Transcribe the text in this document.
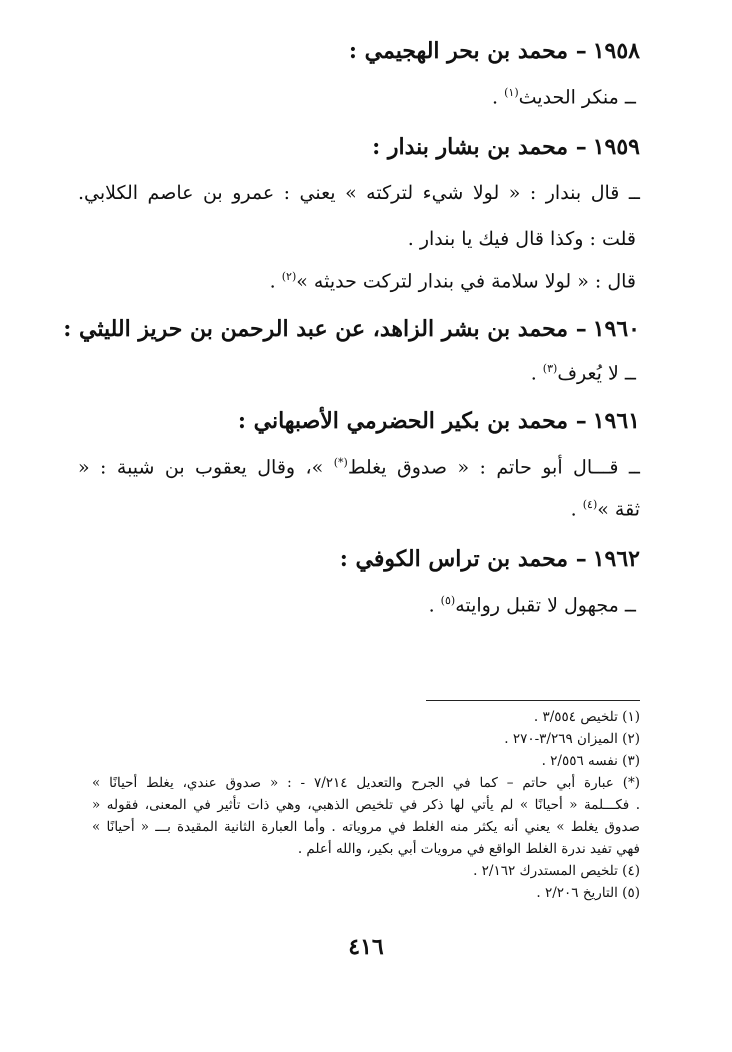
١٩٥٨– محمد بن بحر الهجيمي :
ــ منكر الحديث$^{(١)}$ .
١٩٥٩– محمد بن بشار بندار :
ــ قال بندار : « لولا شيء لتركته » يعني : عمرو بن عاصم الكلابي.
قلت : وكذا قال فيك يا بندار .
قال : « لولا سلامة في بندار لتركت حديثه »$^{(٢)}$ .
١٩٦٠– محمد بن بشر الزاهد، عن عبد الرحمن بن حريز الليثي :
ــ لا يُعرف$^{(٣)}$ .
١٩٦١– محمد بن بكير الحضرمي الأصبهاني :
ــ قـــال أبو حاتم : « صدوق يغلط(*) »، وقال يعقوب بن شيبة : «
ثقة »$^{(٤)}$ .
١٩٦٢– محمد بن تراس الكوفي :
ــ مجهول لا تقبل روايته$^{(٥)}$ .
(١) تلخيص ٣/٥٥٤ .
(٢) الميزان ٣/٢٦٩-٢٧٠ .
(٣) نفسه ٢/٥٥٦ .
(*) عبارة أبي حاتم – كما في الجرح والتعديل ٧/٢١٤ - : « صدوق عندي، يغلط أحيانًا »
. فكـــلمة « أحيانًا » لم يأتي لها ذكر في تلخيص الذهبي، وهي ذات تأثير في المعنى، فقوله «
صدوق يغلط » يعني أنه يكثر منه الغلط في مروياته . وأما العبارة الثانية المقيدة بـــ « أحيانًا »
فهي تفيد ندرة الغلط الواقع في مرويات أبي بكير، والله أعلم .
(٤) تلخيص المستدرك ٢/١٦٢ .
(٥) التاريخ ٢/٢٠٦ .
٤١٦
